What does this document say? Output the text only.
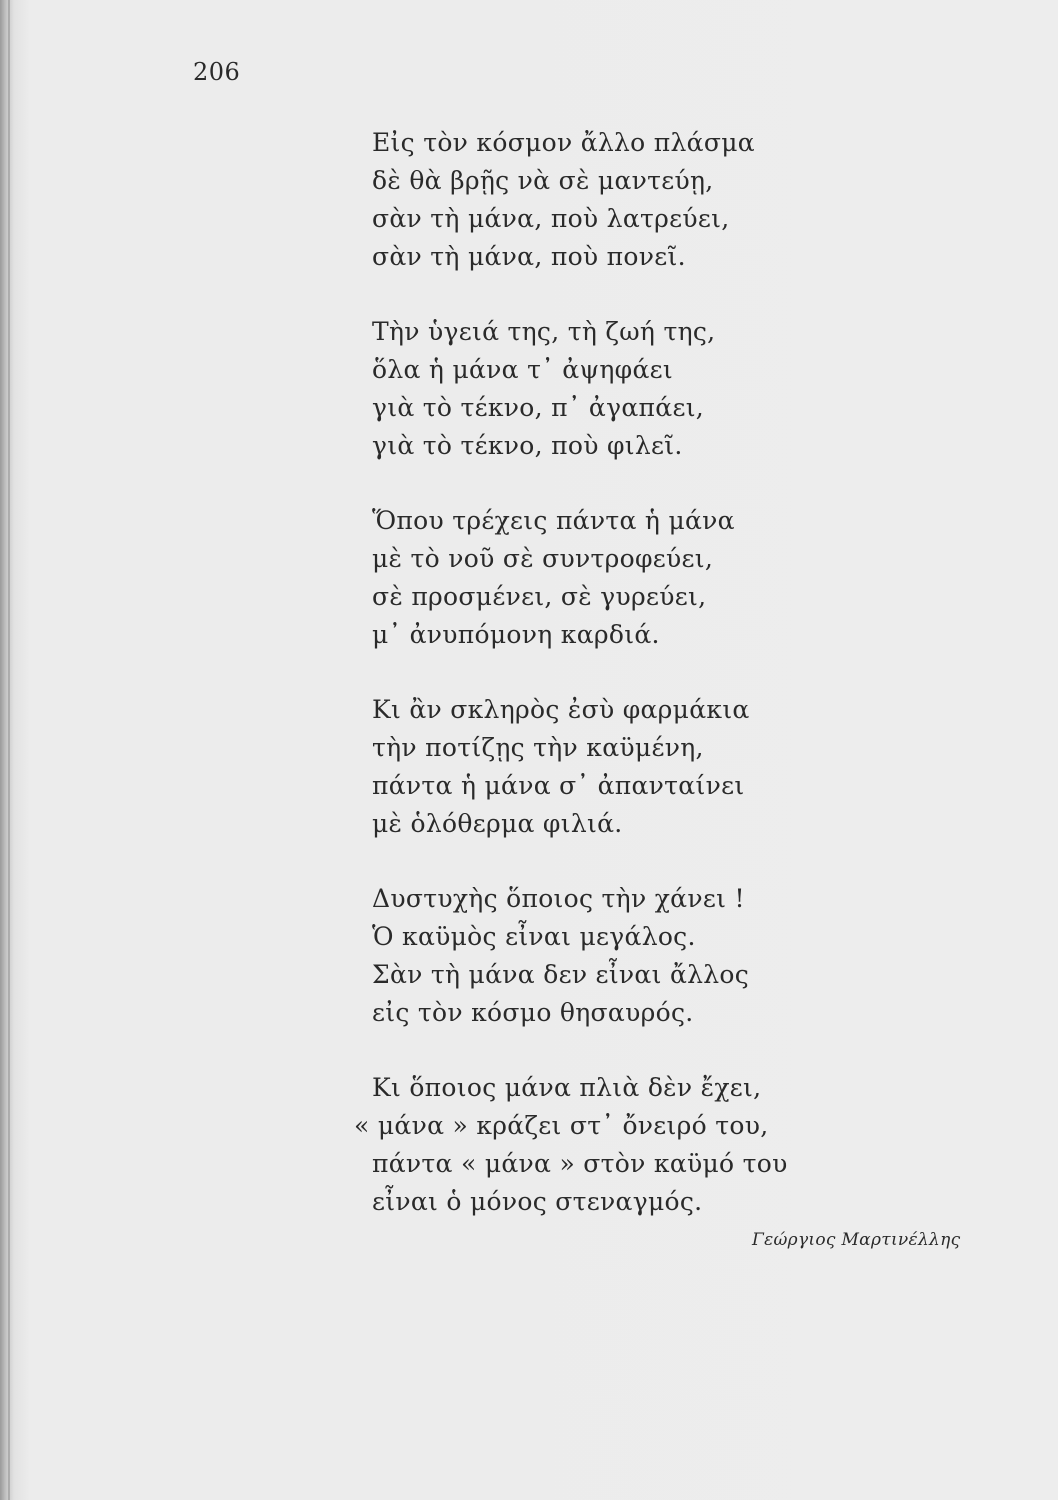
206
Εἰς τὸν κόσμον ἄλλο πλάσμα
δὲ θὰ βρῇς νὰ σὲ μαντεύῃ,
σὰν τὴ μάνα, ποὺ λατρεύει,
σὰν τὴ μάνα, ποὺ πονεῖ.
Τὴν ὑγειά της, τὴ ζωή της,
ὅλα ἡ μάνα τ᾿ ἀψηφάει
γιὰ τὸ τέκνο, π᾿ ἀγαπάει,
γιὰ τὸ τέκνο, ποὺ φιλεῖ.
Ὅπου τρέχεις πάντα ἡ μάνα
μὲ τὸ νοῦ σὲ συντροφεύει,
σὲ προσμένει, σὲ γυρεύει,
μ᾿ ἀνυπόμονη καρδιά.
Κι ἂν σκληρὸς ἐσὺ φαρμάκια
τὴν ποτίζῃς τὴν καϋμένη,
πάντα ἡ μάνα σ᾿ ἀπανταίνει
μὲ ὁλόθερμα φιλιά.
Δυστυχὴς ὅποιος τὴν χάνει !
Ὁ καϋμὸς εἶναι μεγάλος.
Σὰν τὴ μάνα δεν εἶναι ἄλλος
εἰς τὸν κόσμο θησαυρός.
Κι ὅποιος μάνα πλιὰ δὲν ἔχει,
« μάνα » κράζει στ᾿ ὄνειρό του,
πάντα « μάνα » στὸν καϋμό του
εἶναι ὁ μόνος στεναγμός.
Γεώργιος Μαρτινέλλης
